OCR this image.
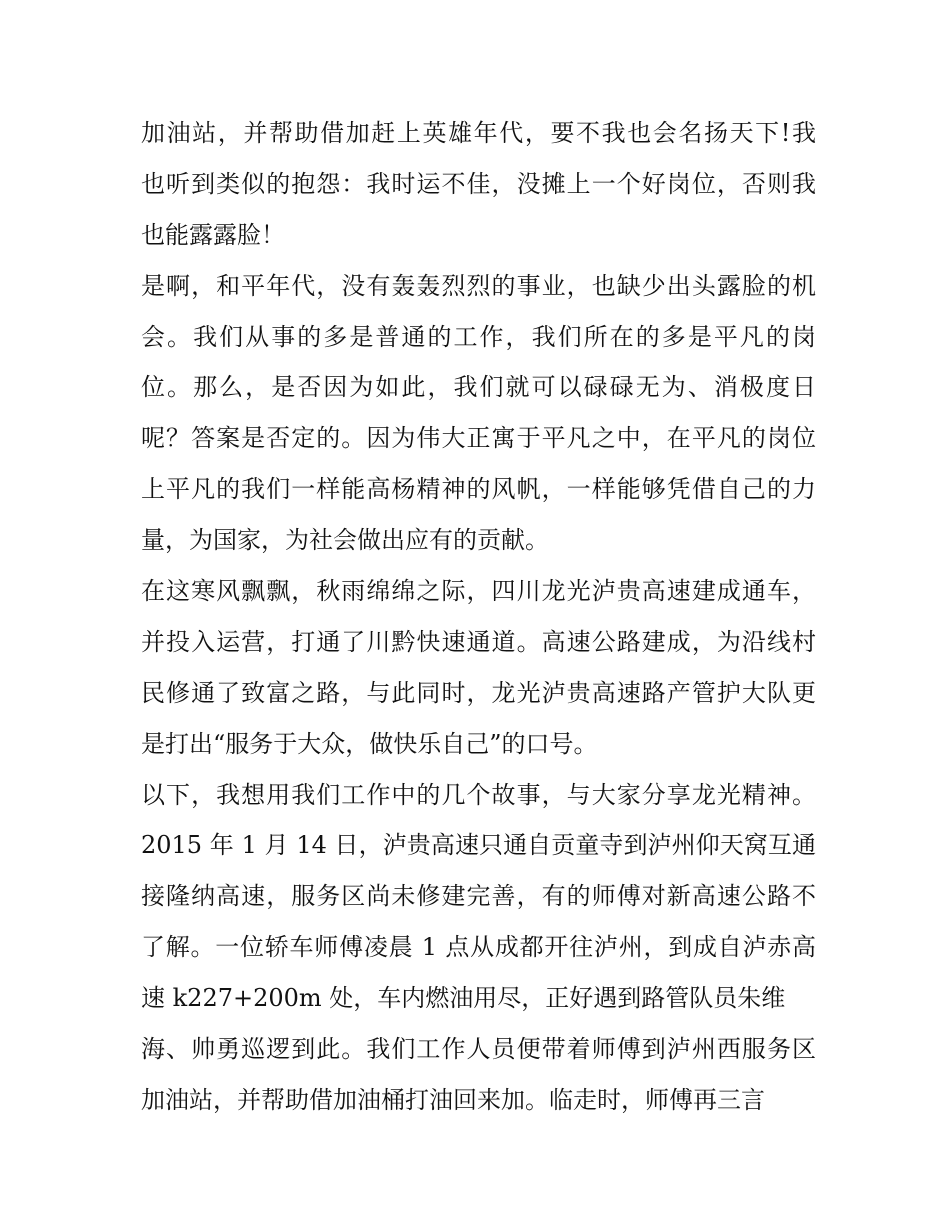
加油站，并帮助借加赶上英雄年代，要不我也会名扬天下!我
也听到类似的抱怨：我时运不佳，没摊上一个好岗位，否则我
也能露露脸！
是啊，和平年代，没有轰轰烈烈的事业，也缺少出头露脸的机
会。我们从事的多是普通的工作，我们所在的多是平凡的岗
位。那么，是否因为如此，我们就可以碌碌无为、消极度日
呢？答案是否定的。因为伟大正寓于平凡之中，在平凡的岗位
上平凡的我们一样能高杨精神的风帆，一样能够凭借自己的力
量，为国家，为社会做出应有的贡献。
在这寒风飘飘，秋雨绵绵之际，四川龙光泸贵高速建成通车，
并投入运营，打通了川黔快速通道。高速公路建成，为沿线村
民修通了致富之路，与此同时，龙光泸贵高速路产管护大队更
是打出“服务于大众，做快乐自己”的口号。
以下，我想用我们工作中的几个故事，与大家分享龙光精神。
2015 年 1 月 14 日，泸贵高速只通自贡童寺到泸州仰天窝互通
接隆纳高速，服务区尚未修建完善，有的师傅对新高速公路不
了解。一位轿车师傅凌晨 1 点从成都开往泸州，到成自泸赤高
速 k227+200m 处，车内燃油用尽，正好遇到路管队员朱维
海、帅勇巡逻到此。我们工作人员便带着师傅到泸州西服务区
加油站，并帮助借加油桶打油回来加。临走时，师傅再三言
